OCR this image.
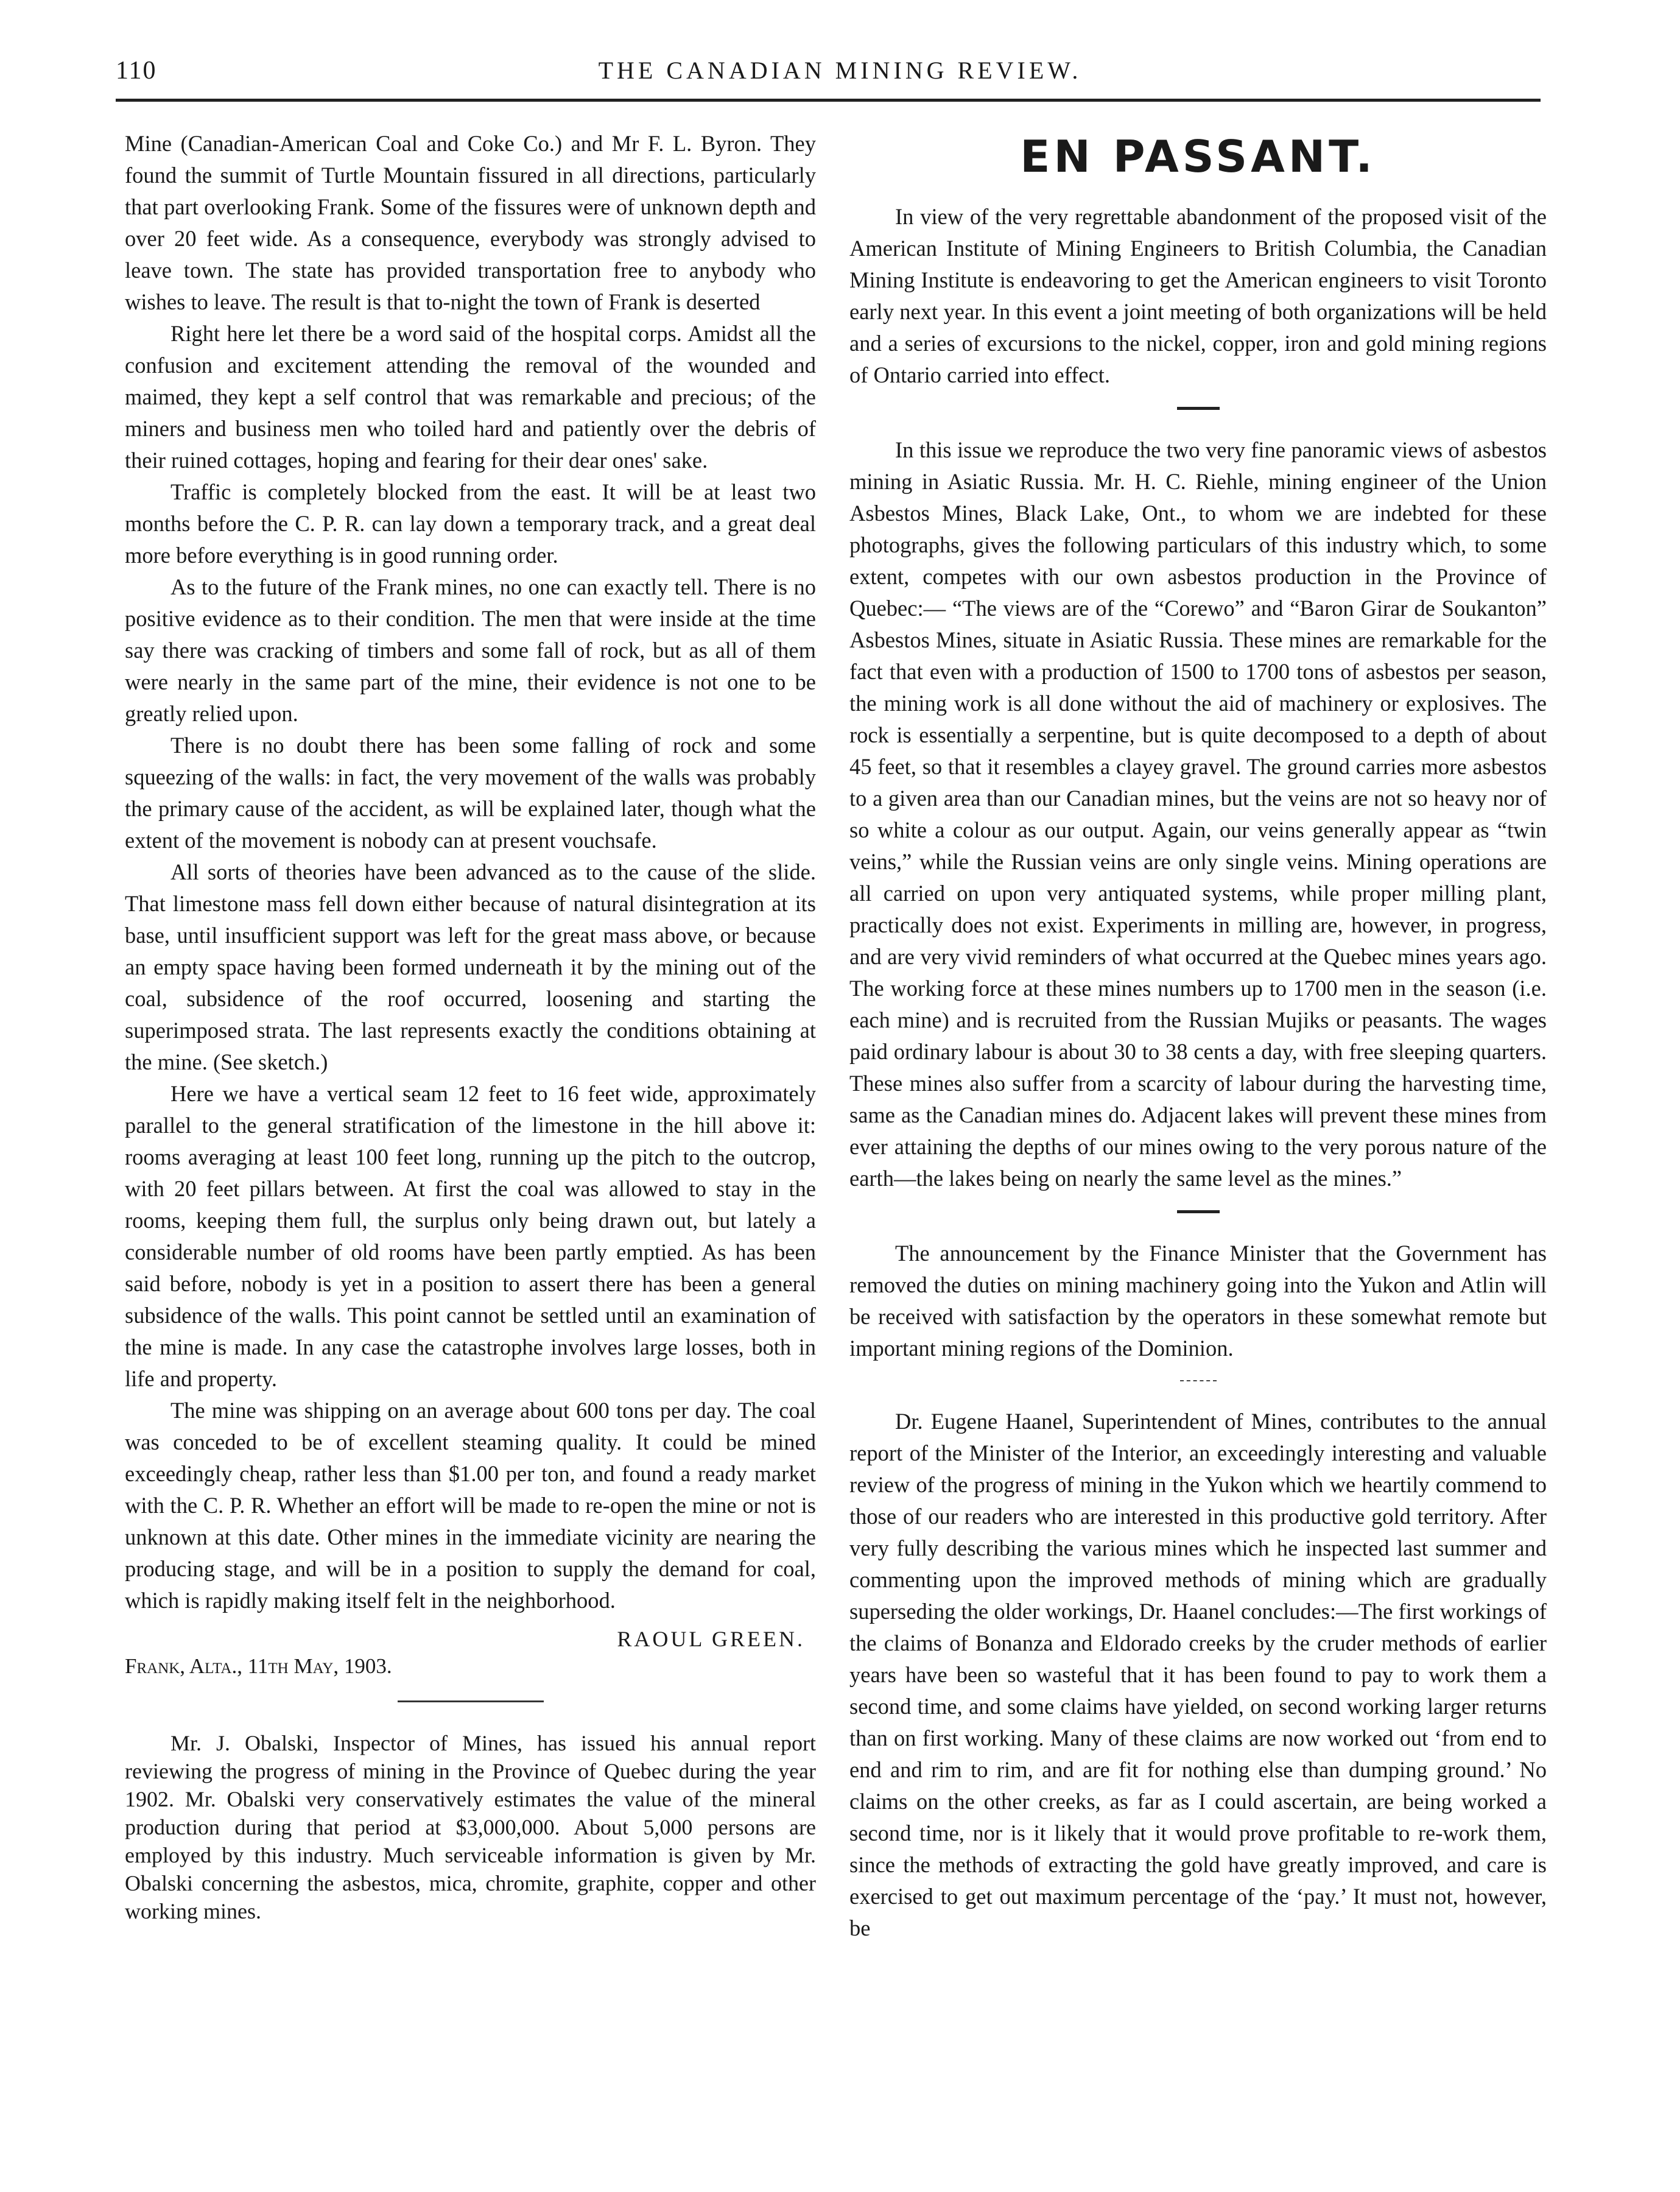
110	THE CANADIAN MINING REVIEW.

Mine (Canadian-American Coal and Coke Co.) and Mr F. L. Byron. They found the summit of Turtle Mountain fissured in all directions, particularly that part overlooking Frank. Some of the fissures were of unknown depth and over 20 feet wide. As a consequence, everybody was strongly advised to leave town. The state has provided transportation free to anybody who wishes to leave. The result is that to-night the town of Frank is deserted

Right here let there be a word said of the hospital corps. Amidst all the confusion and excitement attending the removal of the wounded and maimed, they kept a self control that was remarkable and precious; of the miners and business men who toiled hard and patiently over the debris of their ruined cottages, hoping and fearing for their dear ones' sake.

Traffic is completely blocked from the east. It will be at least two months before the C. P. R. can lay down a temporary track, and a great deal more before everything is in good running order.

As to the future of the Frank mines, no one can exactly tell. There is no positive evidence as to their condition. The men that were inside at the time say there was cracking of timbers and some fall of rock, but as all of them were nearly in the same part of the mine, their evidence is not one to be greatly relied upon.

There is no doubt there has been some falling of rock and some squeezing of the walls: in fact, the very movement of the walls was probably the primary cause of the accident, as will be explained later, though what the extent of the movement is nobody can at present vouchsafe.

All sorts of theories have been advanced as to the cause of the slide. That limestone mass fell down either because of natural disintegration at its base, until insufficient support was left for the great mass above, or because an empty space having been formed underneath it by the mining out of the coal, subsidence of the roof occurred, loosening and starting the superimposed strata. The last represents exactly the conditions obtaining at the mine. (See sketch.)

Here we have a vertical seam 12 feet to 16 feet wide, approximately parallel to the general stratification of the limestone in the hill above it: rooms averaging at least 100 feet long, running up the pitch to the outcrop, with 20 feet pillars between. At first the coal was allowed to stay in the rooms, keeping them full, the surplus only being drawn out, but lately a considerable number of old rooms have been partly emptied. As has been said before, nobody is yet in a position to assert there has been a general subsidence of the walls. This point cannot be settled until an examination of the mine is made. In any case the catastrophe involves large losses, both in life and property.

The mine was shipping on an average about 600 tons per day. The coal was conceded to be of excellent steaming quality. It could be mined exceedingly cheap, rather less than $1.00 per ton, and found a ready market with the C. P. R. Whether an effort will be made to re-open the mine or not is unknown at this date. Other mines in the immediate vicinity are nearing the producing stage, and will be in a position to supply the demand for coal, which is rapidly making itself felt in the neighborhood.

RAOUL GREEN.
Frank, Alta., 11th May, 1903.

Mr. J. Obalski, Inspector of Mines, has issued his annual report reviewing the progress of mining in the Province of Quebec during the year 1902. Mr. Obalski very conservatively estimates the value of the mineral production during that period at $3,000,000. About 5,000 persons are employed by this industry. Much serviceable information is given by Mr. Obalski concerning the asbestos, mica, chromite, graphite, copper and other working mines.

EN PASSANT.

In view of the very regrettable abandonment of the proposed visit of the American Institute of Mining Engineers to British Columbia, the Canadian Mining Institute is endeavoring to get the American engineers to visit Toronto early next year. In this event a joint meeting of both organizations will be held and a series of excursions to the nickel, copper, iron and gold mining regions of Ontario carried into effect.

In this issue we reproduce the two very fine panoramic views of asbestos mining in Asiatic Russia. Mr. H. C. Riehle, mining engineer of the Union Asbestos Mines, Black Lake, Ont., to whom we are indebted for these photographs, gives the following particulars of this industry which, to some extent, competes with our own asbestos production in the Province of Quebec:— “The views are of the “Corewo” and “Baron Girar de Soukanton” Asbestos Mines, situate in Asiatic Russia. These mines are remarkable for the fact that even with a production of 1500 to 1700 tons of asbestos per season, the mining work is all done without the aid of machinery or explosives. The rock is essentially a serpentine, but is quite decomposed to a depth of about 45 feet, so that it resembles a clayey gravel. The ground carries more asbestos to a given area than our Canadian mines, but the veins are not so heavy nor of so white a colour as our output. Again, our veins generally appear as “twin veins,” while the Russian veins are only single veins. Mining operations are all carried on upon very antiquated systems, while proper milling plant, practically does not exist. Experiments in milling are, however, in progress, and are very vivid reminders of what occurred at the Quebec mines years ago. The working force at these mines numbers up to 1700 men in the season (i.e. each mine) and is recruited from the Russian Mujiks or peasants. The wages paid ordinary labour is about 30 to 38 cents a day, with free sleeping quarters. These mines also suffer from a scarcity of labour during the harvesting time, same as the Canadian mines do. Adjacent lakes will prevent these mines from ever attaining the depths of our mines owing to the very porous nature of the earth—the lakes being on nearly the same level as the mines.”

The announcement by the Finance Minister that the Government has removed the duties on mining machinery going into the Yukon and Atlin will be received with satisfaction by the operators in these somewhat remote but important mining regions of the Dominion.

Dr. Eugene Haanel, Superintendent of Mines, contributes to the annual report of the Minister of the Interior, an exceedingly interesting and valuable review of the progress of mining in the Yukon which we heartily commend to those of our readers who are interested in this productive gold territory. After very fully describing the various mines which he inspected last summer and commenting upon the improved methods of mining which are gradually superseding the older workings, Dr. Haanel concludes:—The first workings of the claims of Bonanza and Eldorado creeks by the cruder methods of earlier years have been so wasteful that it has been found to pay to work them a second time, and some claims have yielded, on second working larger returns than on first working. Many of these claims are now worked out ‘from end to end and rim to rim, and are fit for nothing else than dumping ground.’ No claims on the other creeks, as far as I could ascertain, are being worked a second time, nor is it likely that it would prove profitable to re-work them, since the methods of extracting the gold have greatly improved, and care is exercised to get out maximum percentage of the ‘pay.’ It must not, however, be
